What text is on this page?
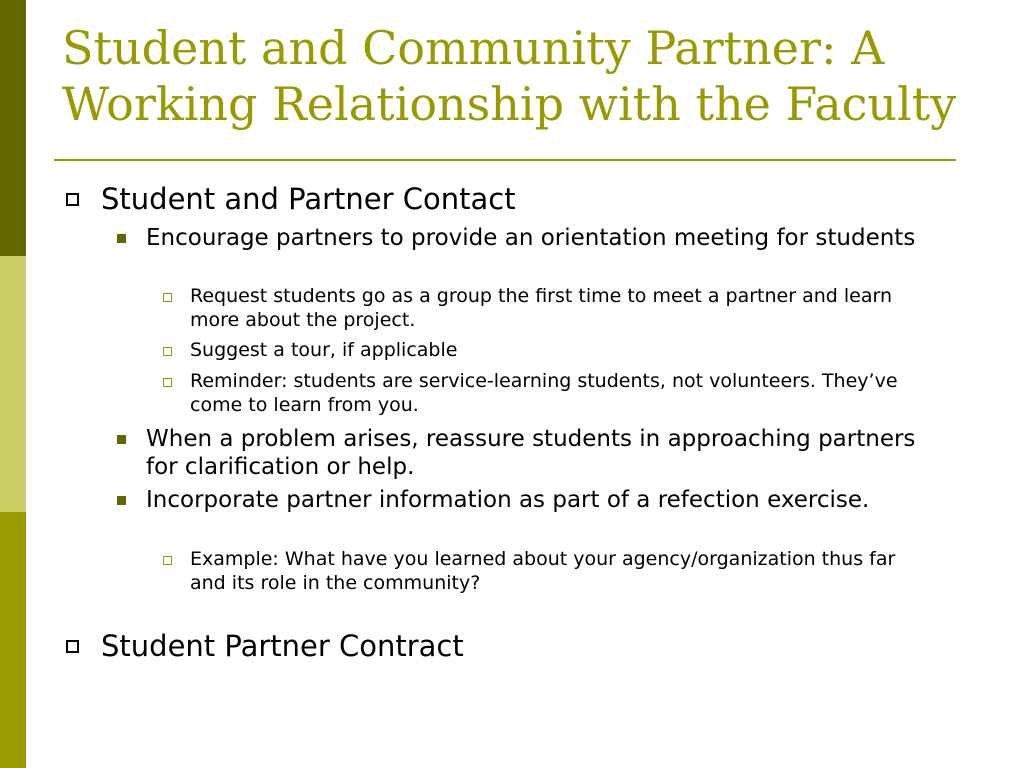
Student and Community Partner: A Working Relationship with the Faculty

Student and Partner Contact

Encourage partners to provide an orientation meeting for students

Request students go as a group the first time to meet a partner and learn more about the project.

Suggest a tour, if applicable

Reminder: students are service-learning students, not volunteers. They’ve come to learn from you.

When a problem arises, reassure students in approaching partners for clarification or help.

Incorporate partner information as part of a refection exercise.

Example: What have you learned about your agency/organization thus far and its role in the community?

Student Partner Contract
